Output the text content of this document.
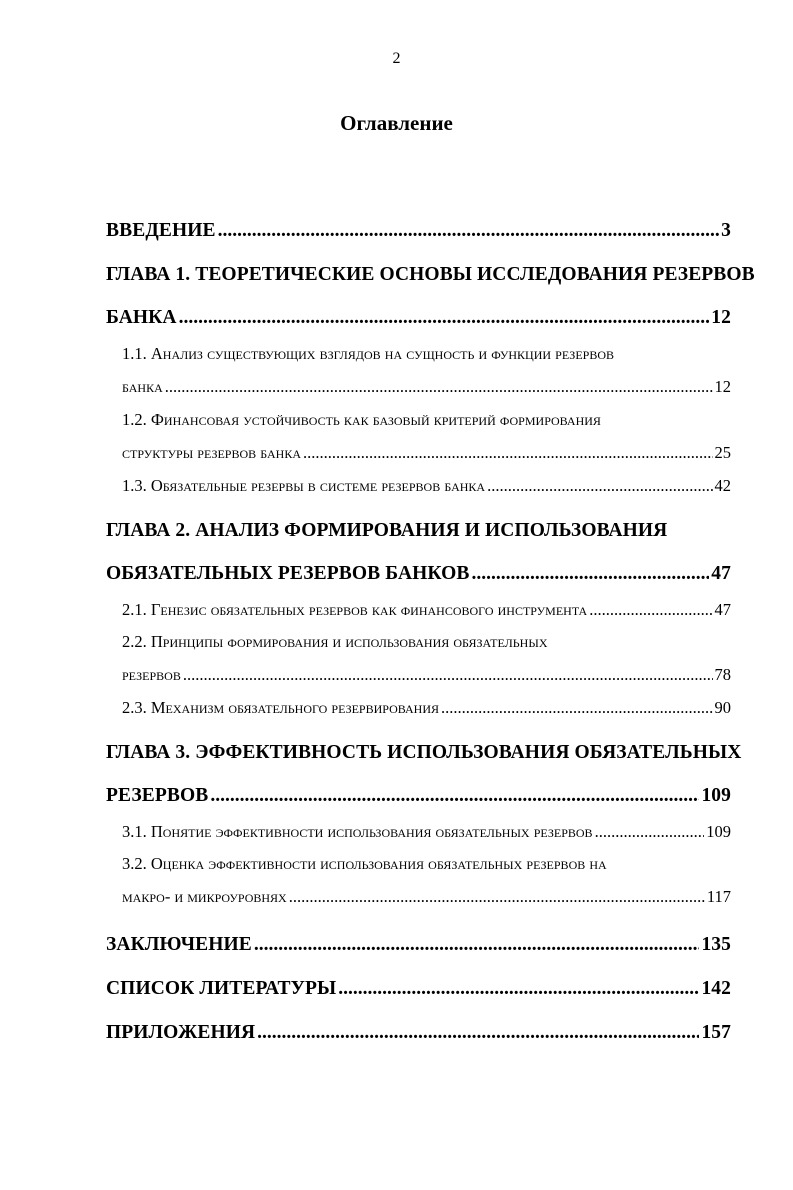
2
Оглавление
ВВЕДЕНИЕ .....	3
ГЛАВА 1. ТЕОРЕТИЧЕСКИЕ ОСНОВЫ ИССЛЕДОВАНИЯ РЕЗЕРВОВ
БАНКА .....	12
1.1. Анализ существующих взглядов на сущность и функции резервов
банка .....	12
1.2. Финансовая устойчивость как базовый критерий формирования
структуры резервов банка .....	25
1.3. Обязательные резервы в системе резервов банка .....	42
ГЛАВА 2. АНАЛИЗ ФОРМИРОВАНИЯ И ИСПОЛЬЗОВАНИЯ
ОБЯЗАТЕЛЬНЫХ РЕЗЕРВОВ БАНКОВ .....	47
2.1. Генезис обязательных резервов как финансового инструмента .....	47
2.2. Принципы формирования и использования обязательных
резервов .....	78
2.3. Механизм обязательного резервирования .....	90
ГЛАВА 3. ЭФФЕКТИВНОСТЬ ИСПОЛЬЗОВАНИЯ ОБЯЗАТЕЛЬНЫХ
РЕЗЕРВОВ .....	109
3.1. Понятие эффективности использования обязательных резервов .....	109
3.2. Оценка эффективности использования обязательных резервов на
макро- и микроуровнях .....	117
ЗАКЛЮЧЕНИЕ .....	135
СПИСОК ЛИТЕРАТУРЫ .....	142
ПРИЛОЖЕНИЯ .....	157
